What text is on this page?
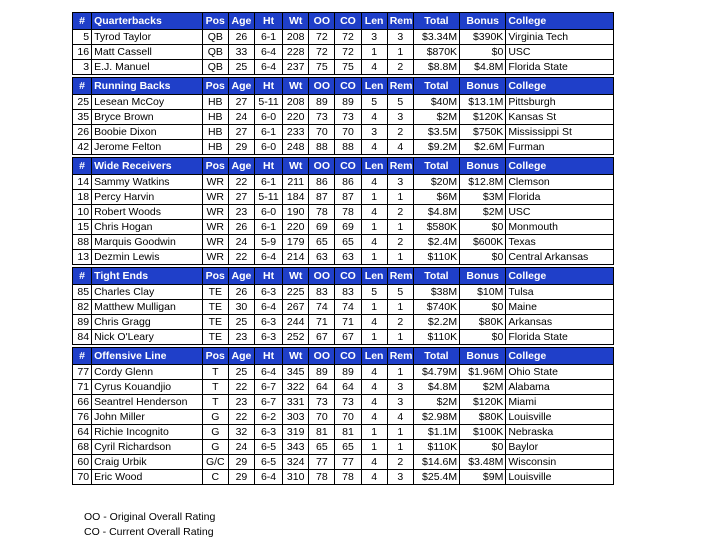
#	Quarterbacks	Pos	Age	Ht	Wt	OO	CO	Len	Rem	Total	Bonus	College
5	Tyrod Taylor	QB	26	6-1	208	72	72	3	3	$3.34M	$390K	Virginia Tech
16	Matt Cassell	QB	33	6-4	228	72	72	1	1	$870K	$0	USC
3	E.J. Manuel	QB	25	6-4	237	75	75	4	2	$8.8M	$4.8M	Florida State
#	Running Backs	Pos	Age	Ht	Wt	OO	CO	Len	Rem	Total	Bonus	College
25	Lesean McCoy	HB	27	5-11	208	89	89	5	5	$40M	$13.1M	Pittsburgh
35	Bryce Brown	HB	24	6-0	220	73	73	4	3	$2M	$120K	Kansas St
26	Boobie Dixon	HB	27	6-1	233	70	70	3	2	$3.5M	$750K	Mississippi St
42	Jerome Felton	HB	29	6-0	248	88	88	4	4	$9.2M	$2.6M	Furman
#	Wide Receivers	Pos	Age	Ht	Wt	OO	CO	Len	Rem	Total	Bonus	College
14	Sammy Watkins	WR	22	6-1	211	86	86	4	3	$20M	$12.8M	Clemson
18	Percy Harvin	WR	27	5-11	184	87	87	1	1	$6M	$3M	Florida
10	Robert Woods	WR	23	6-0	190	78	78	4	2	$4.8M	$2M	USC
15	Chris Hogan	WR	26	6-1	220	69	69	1	1	$580K	$0	Monmouth
88	Marquis Goodwin	WR	24	5-9	179	65	65	4	2	$2.4M	$600K	Texas
13	Dezmin Lewis	WR	22	6-4	214	63	63	1	1	$110K	$0	Central Arkansas
#	Tight Ends	Pos	Age	Ht	Wt	OO	CO	Len	Rem	Total	Bonus	College
85	Charles Clay	TE	26	6-3	225	83	83	5	5	$38M	$10M	Tulsa
82	Matthew Mulligan	TE	30	6-4	267	74	74	1	1	$740K	$0	Maine
89	Chris Gragg	TE	25	6-3	244	71	71	4	2	$2.2M	$80K	Arkansas
84	Nick O'Leary	TE	23	6-3	252	67	67	1	1	$110K	$0	Florida State
#	Offensive Line	Pos	Age	Ht	Wt	OO	CO	Len	Rem	Total	Bonus	College
77	Cordy Glenn	T	25	6-4	345	89	89	4	1	$4.79M	$1.96M	Ohio State
71	Cyrus Kouandjio	T	22	6-7	322	64	64	4	3	$4.8M	$2M	Alabama
66	Seantrel Henderson	T	23	6-7	331	73	73	4	3	$2M	$120K	Miami
76	John Miller	G	22	6-2	303	70	70	4	4	$2.98M	$80K	Louisville
64	Richie Incognito	G	32	6-3	319	81	81	1	1	$1.1M	$100K	Nebraska
68	Cyril Richardson	G	24	6-5	343	65	65	1	1	$110K	$0	Baylor
60	Craig Urbik	G/C	29	6-5	324	77	77	4	2	$14.6M	$3.48M	Wisconsin
70	Eric Wood	C	29	6-4	310	78	78	4	3	$25.4M	$9M	Louisville
OO - Original Overall Rating
CO - Current Overall Rating
